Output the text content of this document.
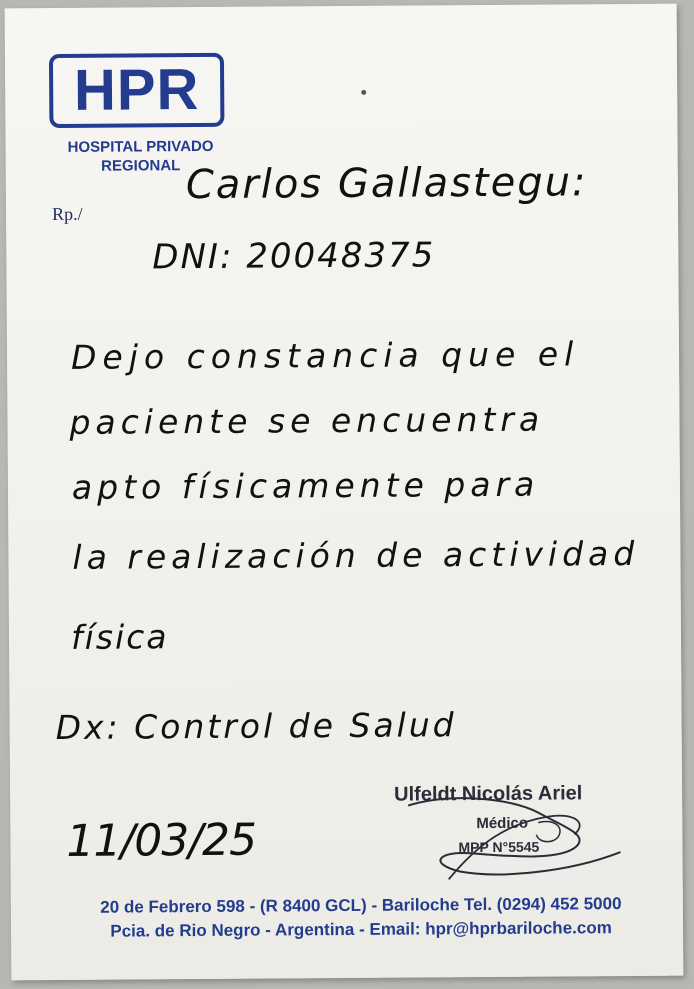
HPR
HOSPITAL PRIVADO
REGIONAL
Rp./
Carlos Gallastegu:
DNI: 20048375
Dejo constancia que el
paciente se encuentra
apto físicamente para
la realización de actividad
física
Dx: Control de Salud
11/03/25
Ulfeldt Nicolás Ariel
Médico
MPP N°5545
20 de Febrero 598 - (R 8400 GCL) - Bariloche Tel. (0294) 452 5000
Pcia. de Rio Negro - Argentina - Email: hpr@hprbariloche.com
